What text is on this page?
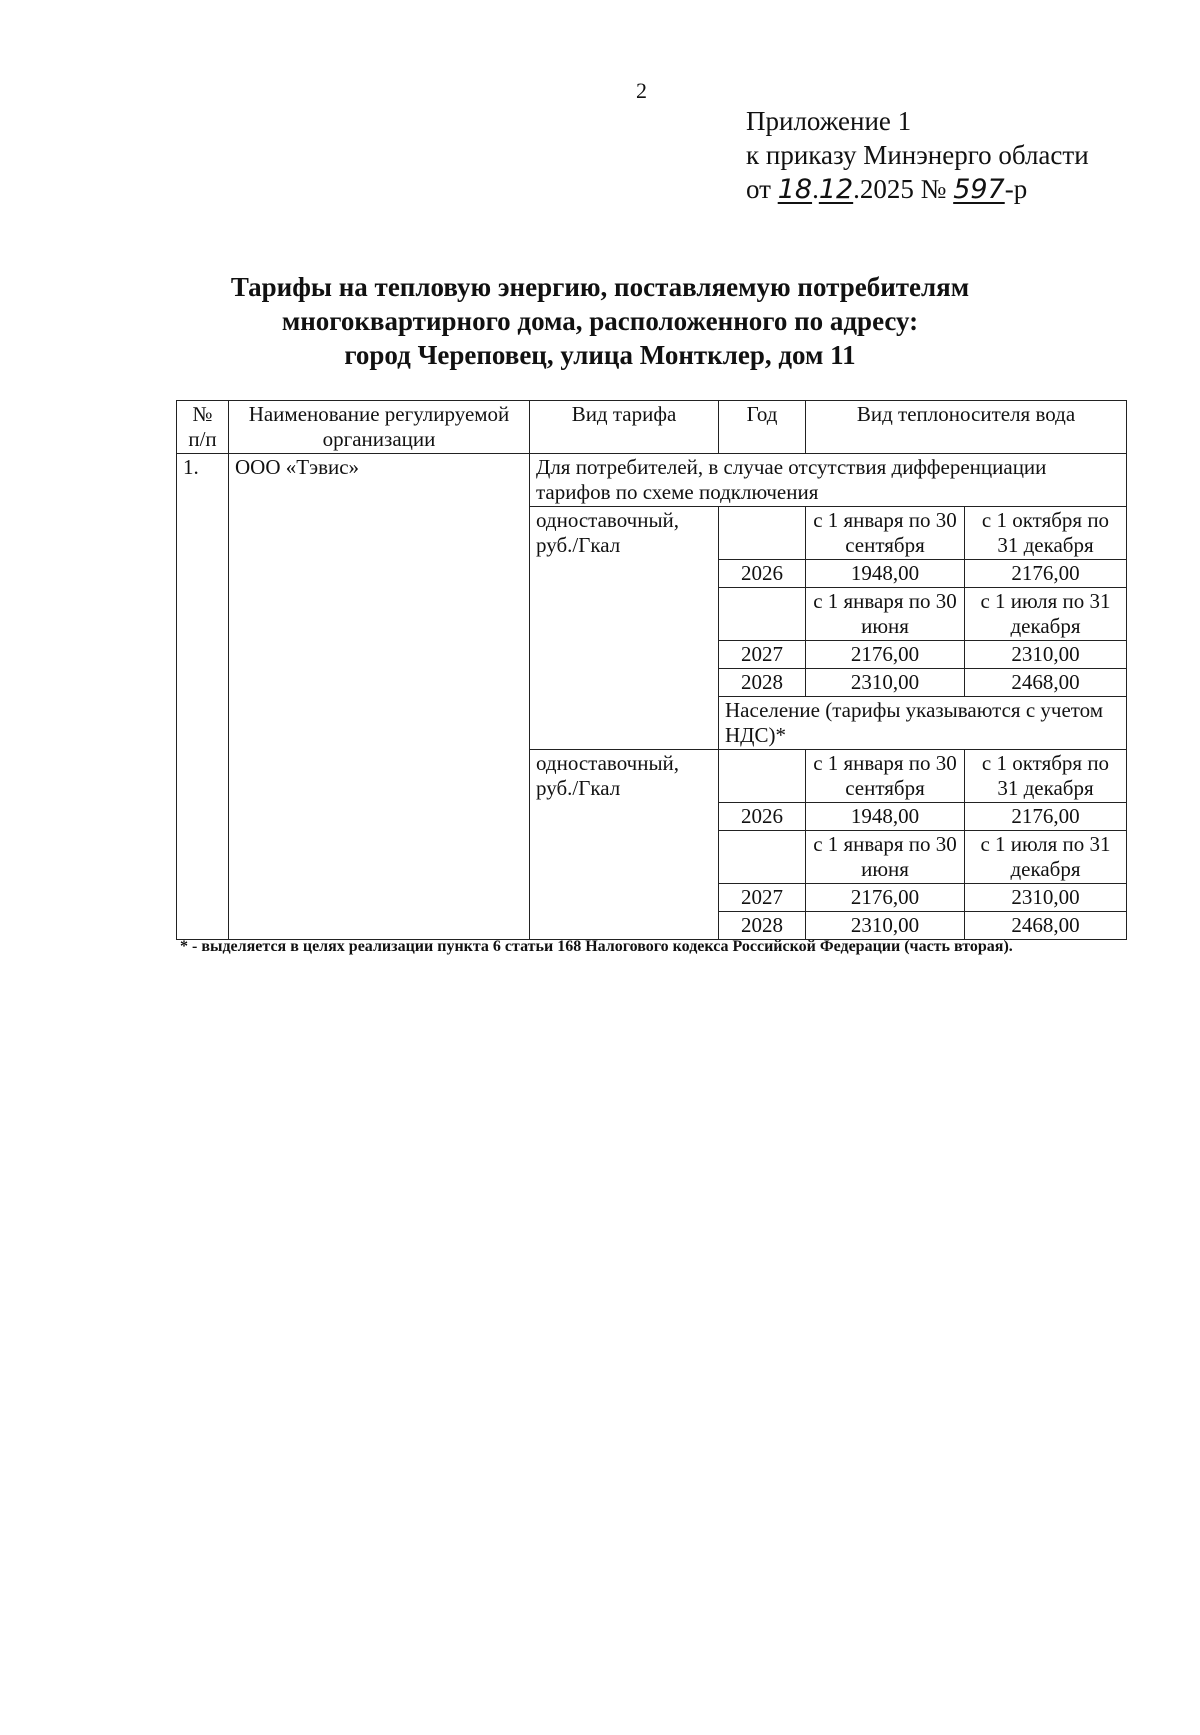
2
Приложение 1
к приказу Минэнерго области
от 18.12.2025 № 597-р
Тарифы на тепловую энергию, поставляемую потребителям
многоквартирного дома, расположенного по адресу:
город Череповец, улица Монтклер, дом 11
№ п/п	Наименование регулируемой организации	Вид тарифа	Год	Вид теплоносителя вода	
1.	ООО «Тэвис»	Для потребителей, в случае отсутствия дифференциации тарифов по схеме подключения			
		одноставочный, руб./Гкал		с 1 января по 30 сентября	с 1 октября по 31 декабря
			2026	1948,00	2176,00
				с 1 января по 30 июня	с 1 июля по 31 декабря
			2027	2176,00	2310,00
			2028	2310,00	2468,00
			Население (тарифы указываются с учетом НДС)*		
		одноставочный, руб./Гкал		с 1 января по 30 сентября	с 1 октября по 31 декабря
			2026	1948,00	2176,00
				с 1 января по 30 июня	с 1 июля по 31 декабря
			2027	2176,00	2310,00
			2028	2310,00	2468,00
* - выделяется в целях реализации пункта 6 статьи 168 Налогового кодекса Российской Федерации (часть вторая).
